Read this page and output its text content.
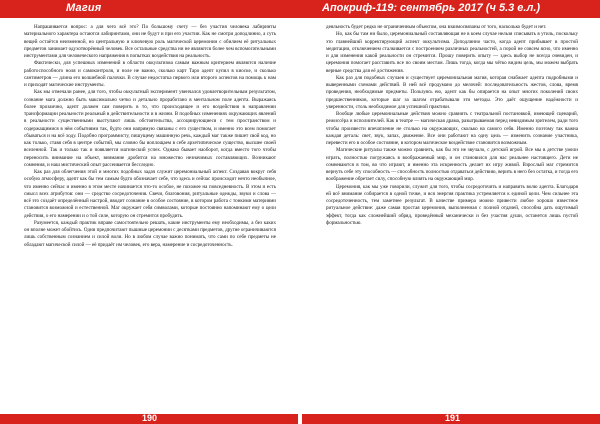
Магия	Апокриф-119: сентябрь 2017 (ч 5.3 е.л.)

Напрашивается вопрос: а для чего всё это? По большому счету — без участия человека лабиринты материального характера остаются лабиринтами, они не будут и при его участии. Как не смотри доподлинно, а суть вещей остаётся неизменной, но центральную и ключевую роль магической церемонии с обилием её ритуальных предметов занимает одухотворённый человек. Все остальные средства ни не являются более чем вспомогательными инструментами для человеческого напряжения в попытках воздействия на реальность.

Фактически, для успешных изменений в области оккультизма самым важным критерием являются наличие работоспособного ноля и самоконтроля, и ноле не важно, сколько карт Таро адепт купил в киоске, и сколько сантиметров — длина его волшебной палочки. В случае недостатка первого или второго аспектов на помощь к нам и приходят магические инструменты.

Как мы отмечали ранее, для того, чтобы оккультный эксперимент увенчался удовлетворительным результатом, сознание мага должно быть максимально четко и детально проработано в ментальном поле адепта. Выражаясь более прозаично, адепт должен сам поверить в то, что происходящее и его воздействия в направлении трансформации реальности реальный в действительности и в жизни. В подобных изменениях окружающих явлений в реальности существенными выступают лишь обстоятельства, ассоциирующиеся с тем пространством и содержащимися в нём событиями так, будто они напрямую связаны с его существом, и именно это всем помогает сбываться и на всё ходу. Подобно программисту, пишущему машинную речь, каждый маг также пишет свой код, но как только, ставя себя в центре событий, мы словно бы воплощаем в себе архетипическое существо, высшее своей вселенной. Так и только так и появляется магический успех. Однако бывает наоборот, когда вместо того чтобы переносить внимание на объект, внимание дробится на множество незначимых составляющих. Возникают сомнения, и наш мистический опыт рассеивается бесследно.

Как раз для облегчения этой и многих подобных задач служит церемониальный аспект. Создавая вокруг себя особую атмосферу, адепт как бы тем самым будто обозначает себе, что здесь и сейчас происходит нечто необычное, что именно сейчас и именно в этом месте начинается что-то особое, не похожее на повседневность. В этом и есть смысл всех атрибутов: они — средство сосредоточения. Свечи, благовония, ритуальные одежды, звуки и слова — всё это создаёт определённый настрой, вводит сознание в особое состояние, в котором работа с тонкими материями становится возможной и естественной. Маг окружает себя символами, которые постоянно напоминают ему о цели действия, о его намерении и о той силе, которую он стремится пробудить.

Разумеется, каждый практик вправе самостоятельно решать, какие инструменты ему необходимы, а без каких он вполне может обойтись. Одни предпочитают пышные церемонии с десятками предметов, другие ограничиваются лишь собственным сознанием и силой воли. Но в любом случае важно понимать, что сами по себе предметы не обладают магической силой — её придаёт им человек, его вера, намерение и сосредоточенность.

деяльность будет редко не ограниченным объектом, она взаимосвязаны от того, насколько будет и нет.

Но, как бы там ни было, церемониальный составляющая не в коем случае нельзя списывать в утиль, поскольку это главнейший корректирующий аспект оккультизма. Доподлинно часто, когда адепт прибывает в простой медитации, отключением сталкивается с построением различных реальностей, а порой не совсем ясно, что именно и для изменения какой реальности он стремится. Прошу поверить опыту — здесь выбор не всегда очевиден, и церемония помогает расставить все по своим местам. Лишь тогда, когда мы чётко видим цель, мы можем выбрать верные средства для её достижения.

Как раз для подобных случаев и существует церемониальная магия, которая снабжает адепта подробными и выверенными схемами действий. В ней всё продумано до мелочей: последовательность жестов, слова, время проведения, необходимые предметы. Пользуясь ею, адепт как бы опирается на опыт многих поколений своих предшественников, которые шаг за шагом отрабатывали эти методы. Это даёт ощущение надёжности и уверенности, столь необходимое для успешной практики.

Вообще любые церемониальные действия можно сравнить с театральной постановкой, имеющей сценарий, режиссёра и исполнителей. Как в театре — магическая драма, разыгрываемая перед невидимым зрителем, ради того чтобы произвести впечатление не столько на окружающих, сколько на самого себя. Именно поэтому так важна каждая деталь: свет, звук, запах, движение. Все они работают на одну цель — изменить сознание участника, перевести его в особое состояние, в котором магическое воздействие становится возможным.

Магические ритуалы также можно сравнить, как бы это не звучало, с детской игрой. Все мы в детстве умели играть, полностью погружаясь в воображаемый мир, и он становился для нас реальнее настоящего. Дети не сомневаются в том, во что играют, и именно эта искренность делает их игру живой. Взрослый маг стремится вернуть себе эту способность — способность полностью отдаваться действию, верить в него без остатка, и тогда его воображение обретает силу, способную влиять на окружающий мир.

Церемония, как мы уже говорили, служит для того, чтобы сосредоточить и направить волю адепта. Благодаря ей всё внимание собирается в одной точке, и вся энергия практика устремляется к единой цели. Чем сильнее эта сосредоточенность, тем заметнее результат. В качестве примера можно привести любое хорошо известное ритуальное действие: даже самая простая церемония, выполненная с полной отдачей, способна дать ощутимый эффект, тогда как сложнейший обряд, проведённый механически и без участия души, останется лишь пустой формальностью.

190	191
